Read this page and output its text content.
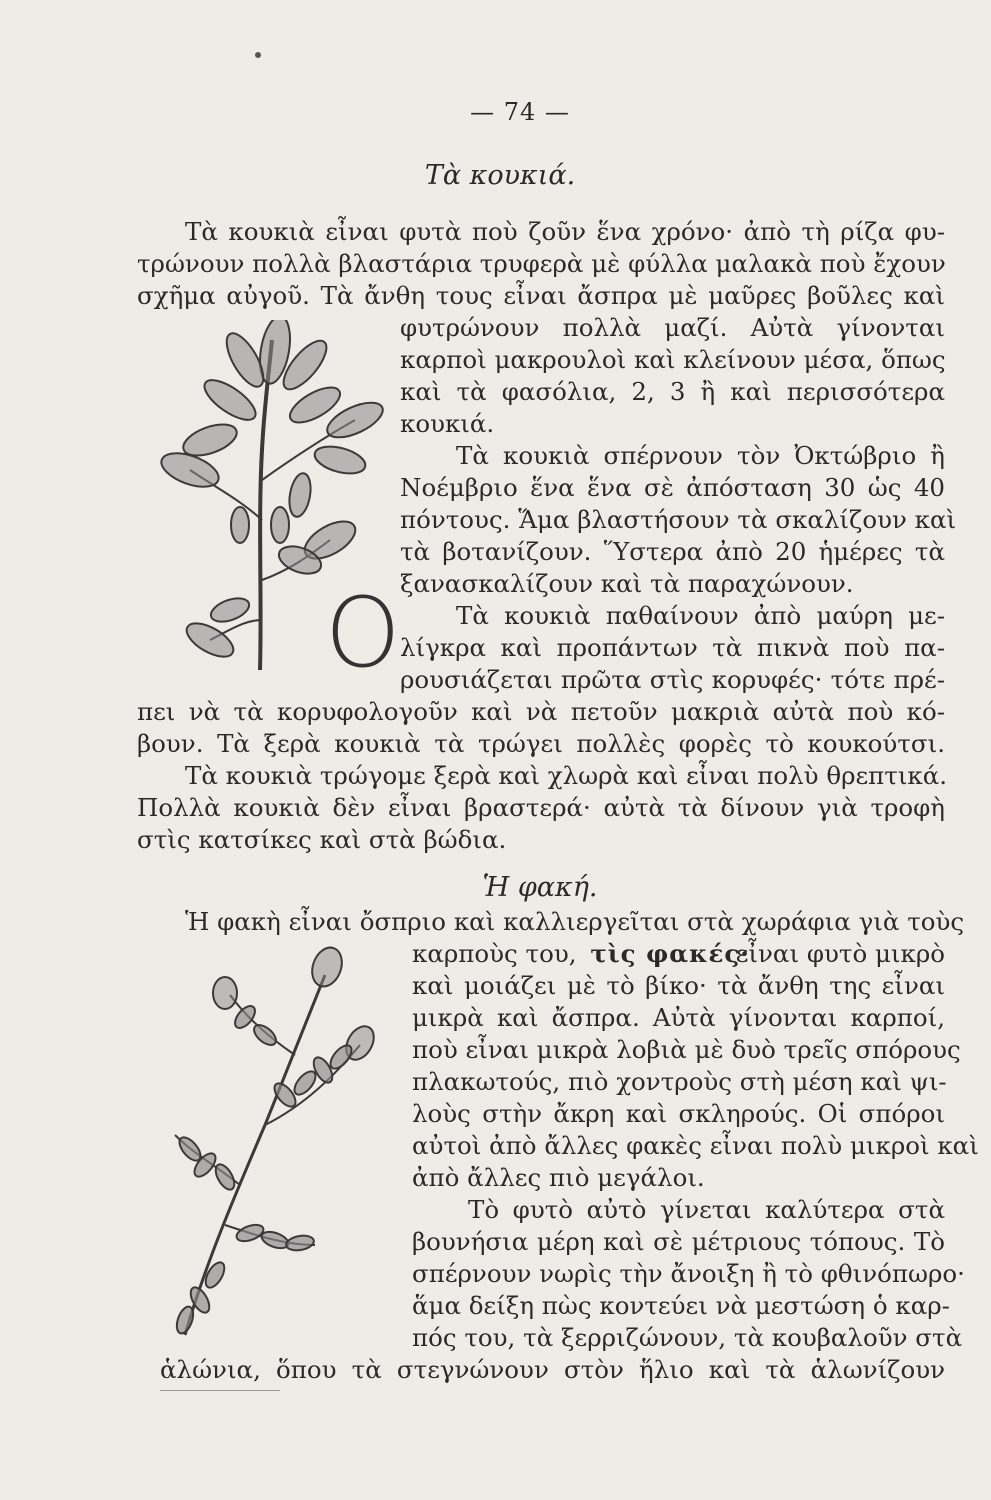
— 74 —
Τὰ κουκιά.
Τὰ κουκιὰ εἶναι φυτὰ ποὺ ζοῦν ἕνα χρόνο· ἀπὸ τὴ ρίζα φυ-
τρώνουν πολλὰ βλαστάρια τρυφερὰ μὲ φύλλα μαλακὰ ποὺ ἔχουν
σχῆμα αὐγοῦ. Τὰ ἄνθη τους εἶναι ἄσπρα μὲ μαῦρες βοῦλες καὶ
O
φυτρώνουν πολλὰ μαζί. Αὐτὰ γίνονται
καρποὶ μακρουλοὶ καὶ κλείνουν μέσα, ὅπως
καὶ τὰ φασόλια, 2, 3 ἢ καὶ περισσότερα
κουκιά.
Τὰ κουκιὰ σπέρνουν τὸν Ὀκτώβριο ἢ
Νοέμβριο ἕνα ἕνα σὲ ἀπόσταση 30 ὡς 40
πόντους. Ἅμα βλαστήσουν τὰ σκαλίζουν καὶ
τὰ βοτανίζουν. Ὕστερα ἀπὸ 20 ἡμέρες τὰ
ξανασκαλίζουν καὶ τὰ παραχώνουν.
Τὰ κουκιὰ παθαίνουν ἀπὸ μαύρη με-
λίγκρα καὶ προπάντων τὰ πικνὰ ποὺ πα-
ρουσιάζεται πρῶτα στὶς κορυφές· τότε πρέ-
πει νὰ τὰ κορυφολογοῦν καὶ νὰ πετοῦν μακριὰ αὐτὰ ποὺ κό-
βουν. Τὰ ξερὰ κουκιὰ τὰ τρώγει πολλὲς φορὲς τὸ κουκούτσι.
Τὰ κουκιὰ τρώγομε ξερὰ καὶ χλωρὰ καὶ εἶναι πολὺ θρεπτικά.
Πολλὰ κουκιὰ δὲν εἶναι βραστερά· αὐτὰ τὰ δίνουν γιὰ τροφὴ
στὶς κατσίκες καὶ στὰ βώδια.
Ἡ φακή.
Ἡ φακὴ εἶναι ὄσπριο καὶ καλλιεργεῖται στὰ χωράφια γιὰ τοὺς
καρποὺς του, τὶς φακές·
εἶναι φυτὸ μικρὸ
καὶ μοιάζει μὲ τὸ βίκο· τὰ ἄνθη της εἶναι
μικρὰ καὶ ἄσπρα. Αὐτὰ γίνονται καρποί,
ποὺ εἶναι μικρὰ λοβιὰ μὲ δυὸ τρεῖς σπόρους
πλακωτούς, πιὸ χοντροὺς στὴ μέση καὶ ψι-
λοὺς στὴν ἄκρη καὶ σκληρούς. Οἱ σπόροι
αὐτοὶ ἀπὸ ἄλλες φακὲς εἶναι πολὺ μικροὶ καὶ
ἀπὸ ἄλλες πιὸ μεγάλοι.
Τὸ φυτὸ αὐτὸ γίνεται καλύτερα στὰ
βουνήσια μέρη καὶ σὲ μέτριους τόπους. Τὸ
σπέρνουν νωρὶς τὴν ἄνοιξη ἢ τὸ φθινόπωρο·
ἅμα δείξη πὼς κοντεύει νὰ μεστώση ὁ καρ-
πός του, τὰ ξερριζώνουν, τὰ κουβαλοῦν στὰ
ἁλώνια, ὅπου τὰ στεγνώνουν στὸν ἥλιο καὶ τὰ ἁλωνίζουν
